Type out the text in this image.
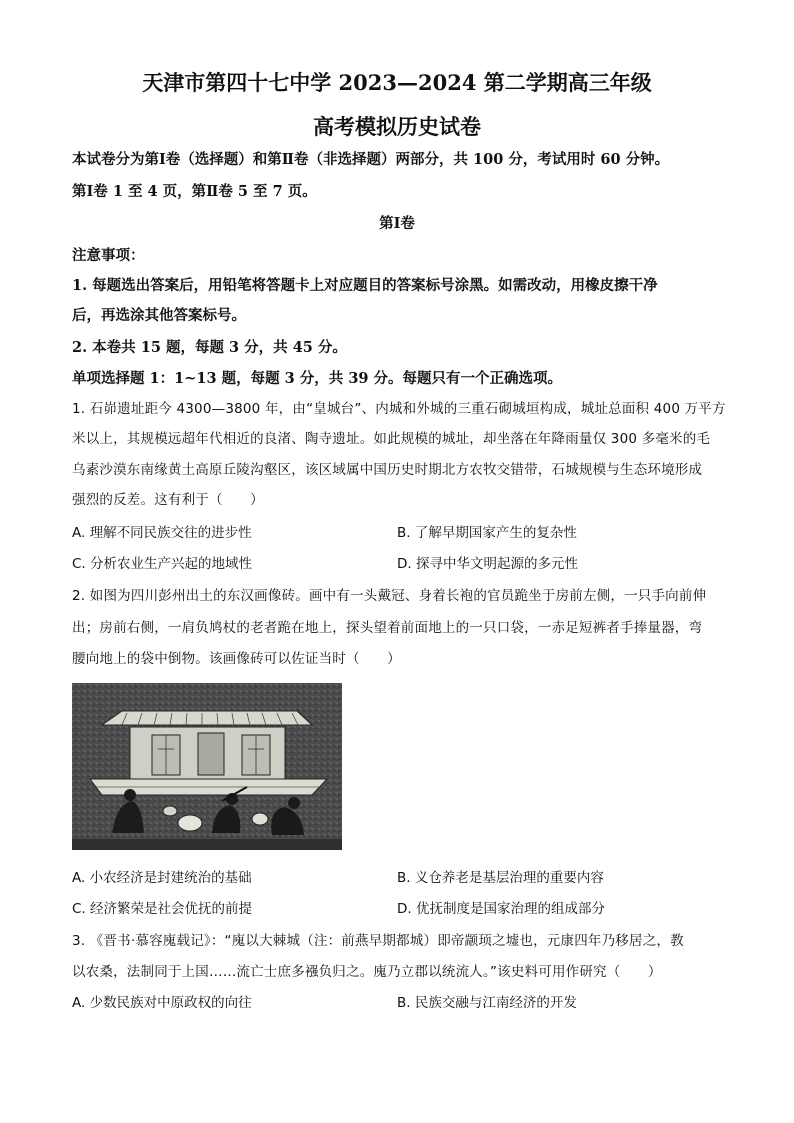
天津市第四十七中学 2023—2024 第二学期高三年级
高考模拟历史试卷
本试卷分为第Ⅰ卷（选择题）和第Ⅱ卷（非选择题）两部分，共 100 分，考试用时 60 分钟。
第Ⅰ卷 1 至 4 页，第Ⅱ卷 5 至 7 页。
第Ⅰ卷
注意事项：
1. 每题选出答案后，用铅笔将答题卡上对应题目的答案标号涂黑。如需改动，用橡皮擦干净
后，再选涂其他答案标号。
2. 本卷共 15 题，每题 3 分，共 45 分。
单项选择题 1：1~13 题，每题 3 分，共 39 分。每题只有一个正确选项。
1. 石峁遗址距今 4300—3800 年，由“皇城台”、内城和外城的三重石砌城垣构成，城址总面积 400 万平方
米以上，其规模远超年代相近的良渚、陶寺遗址。如此规模的城址，却坐落在年降雨量仅 300 多毫米的毛
乌素沙漠东南缘黄土高原丘陵沟壑区，该区域属中国历史时期北方农牧交错带，石城规模与生态环境形成
强烈的反差。这有利于（　　）
A. 理解不同民族交往的进步性	B. 了解早期国家产生的复杂性
C. 分析农业生产兴起的地域性	D. 探寻中华文明起源的多元性
2. 如图为四川彭州出土的东汉画像砖。画中有一头戴冠、身着长袍的官员跪坐于房前左侧，一只手向前伸
出；房前右侧，一肩负鸠杖的老者跪在地上，探头望着前面地上的一只口袋，一赤足短裤者手捧量器，弯
腰向地上的袋中倒物。该画像砖可以佐证当时（　　）
A. 小农经济是封建统治的基础	B. 义仓养老是基层治理的重要内容
C. 经济繁荣是社会优抚的前提	D. 优抚制度是国家治理的组成部分
3. 《晋书·慕容廆载记》：“廆以大棘城（注：前燕早期都城）即帝颛顼之墟也，元康四年乃移居之，教
以农桑，法制同于上国……流亡士庶多襁负归之。廆乃立郡以统流人。”该史料可用作研究（　　）
A. 少数民族对中原政权的向往	B. 民族交融与江南经济的开发
